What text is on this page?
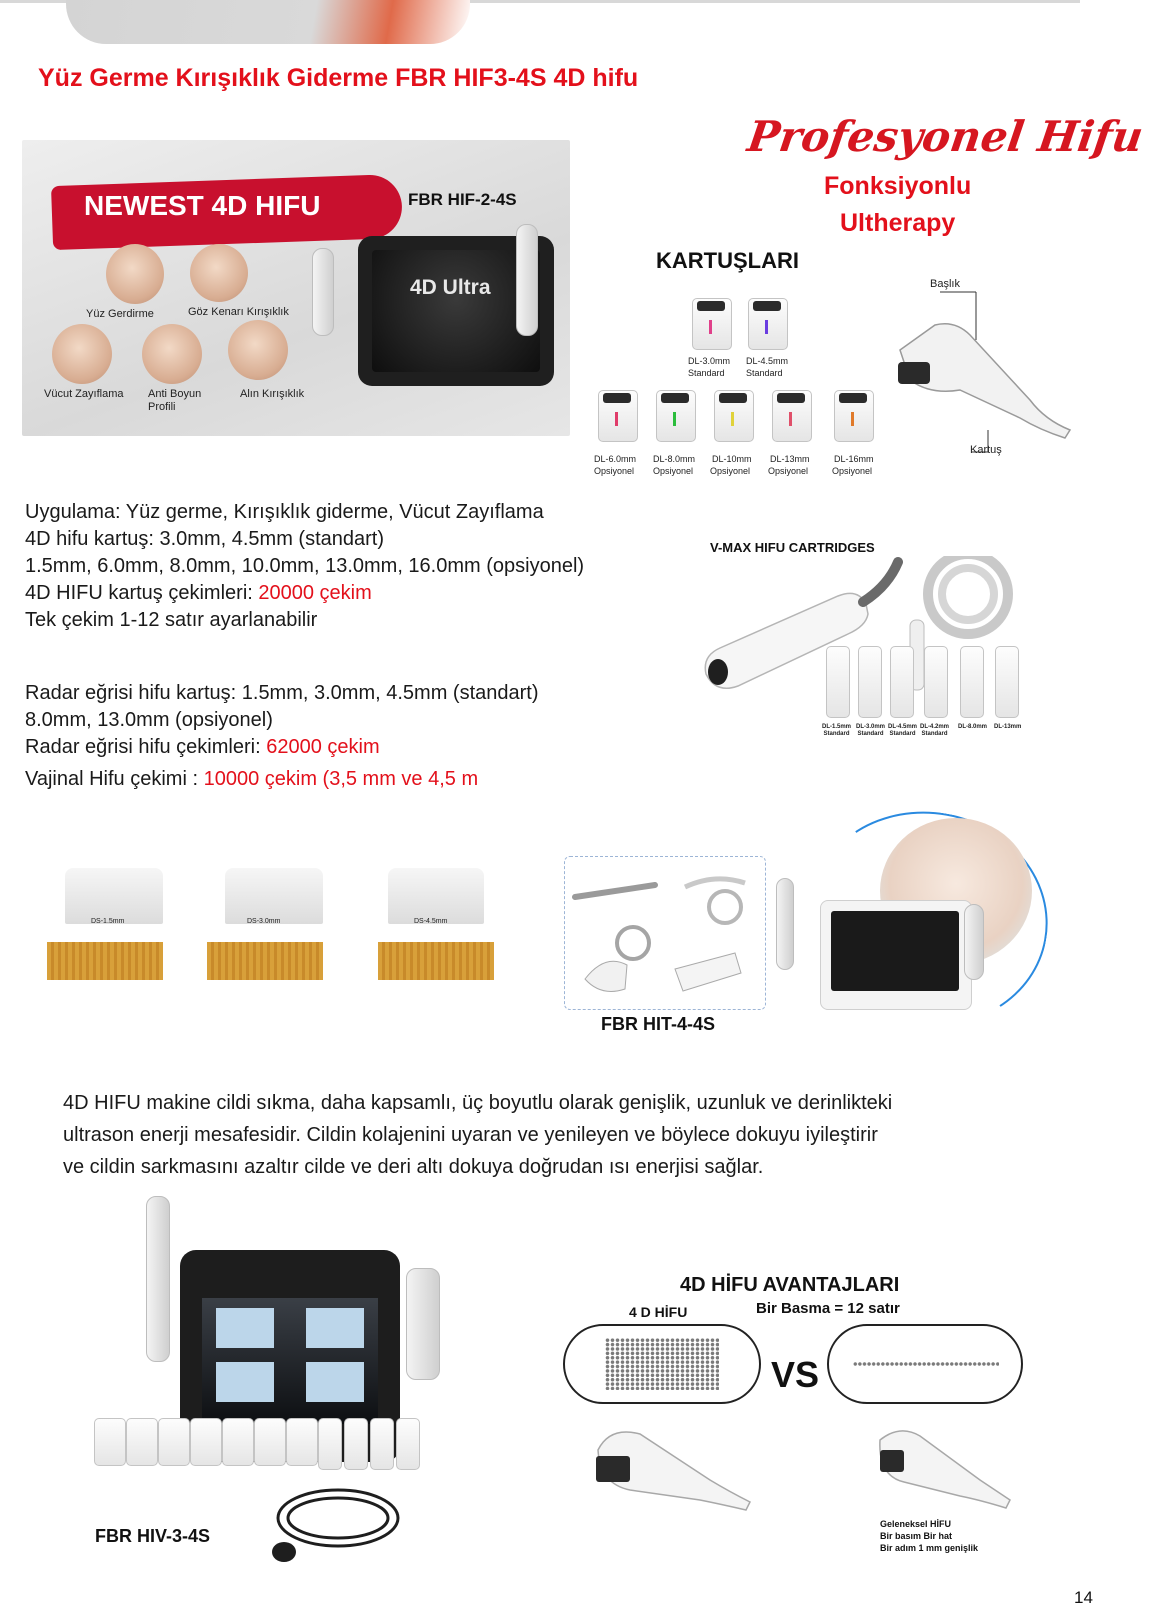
Yüz Germe Kırışıklık Giderme FBR HIF3-4S 4D hifu
Profesyonel Hifu
Fonksiyonlu
Ultherapy
NEWEST 4D HIFU	FBR HIF-2-4S
Yüz Gerdirme	Göz Kenarı Kırışıklık
Vücut Zayıflama Anti Boyun Profili
Alın Kırışıklık
4D Ultra
KARTUŞLARI
DL-3.0mm
Standard
DL-4.5mm
Standard
DL-6.0mm
Opsiyonel
DL-8.0mm
Opsiyonel
DL-10mm
Opsiyonel
DL-13mm
Opsiyonel
DL-16mm
Opsiyonel
Başlık
Kartuş
Uygulama: Yüz germe, Kırışıklık giderme, Vücut Zayıflama
4D hifu kartuş: 3.0mm, 4.5mm (standart)
1.5mm, 6.0mm, 8.0mm, 10.0mm, 13.0mm, 16.0mm (opsiyonel)
4D HIFU kartuş çekimleri: 20000 çekim
Tek çekim 1-12 satır ayarlanabilir
Radar eğrisi hifu kartuş: 1.5mm, 3.0mm, 4.5mm (standart)
8.0mm, 13.0mm (opsiyonel)
Radar eğrisi hifu çekimleri: 62000 çekim
Vajinal Hifu çekimi : 10000 çekim (3,5 mm ve 4,5 m
V-MAX HIFU CARTRIDGES
DL-1.5mm
Standard
DL-3.0mm
Standard
DL-4.5mm
Standard
DL-4.2mm
Standard
DL-8.0mm DL-13mm
DS-1.5mm	DS-3.0mm	DS-4.5mm
FBR HIT-4-4S
4D HIFU makine cildi sıkma, daha kapsamlı, üç boyutlu olarak genişlik, uzunluk ve derinlikteki
ultrason enerji mesafesidir. Cildin kolajenini uyaran ve yenileyen ve böylece dokuyu iyileştirir
ve cildin sarkmasını azaltır cilde ve deri altı dokuya doğrudan ısı enerjisi sağlar.
FBR HIV-3-4S
4D HİFU AVANTAJLARI
4 D HİFU	Bir Basma = 12 satır
VS
Geleneksel HİFU
Bir basım Bir hat
Bir adım 1 mm genişlik
14
